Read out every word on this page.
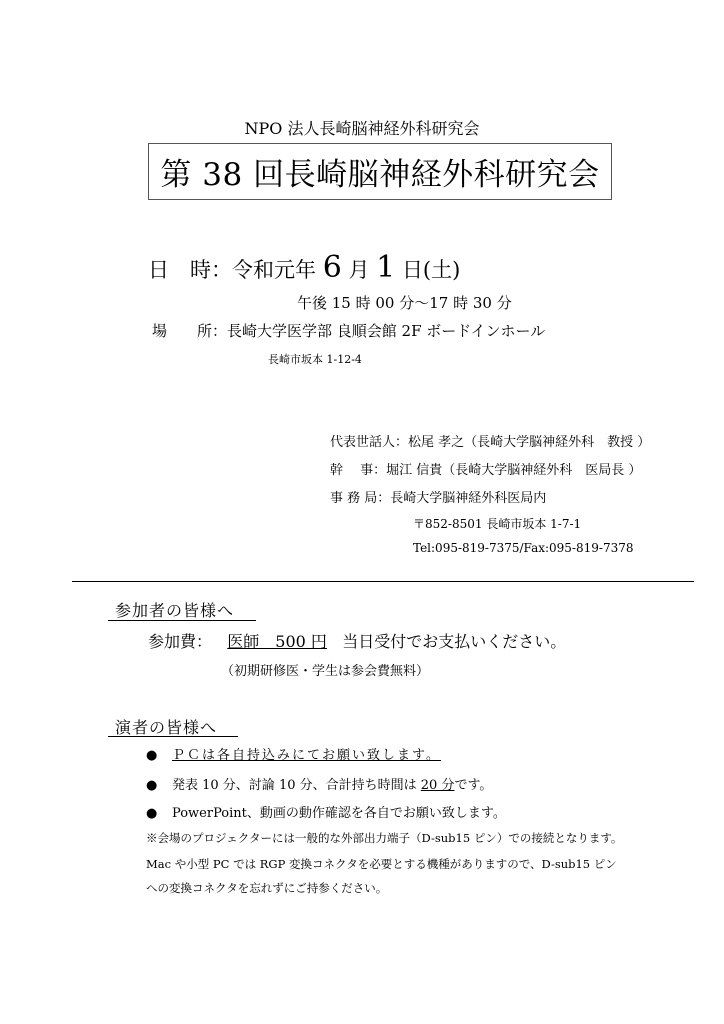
NPO 法人長崎脳神経外科研究会
第 38 回長崎脳神経外科研究会
日　時：令和元年 6 月 1 日(土)
午後 15 時 00 分～17 時 30 分
場　　所：長崎大学医学部 良順会館 2F ボードインホール
長崎市坂本 1-12-4
代表世話人：松尾 孝之（長崎大学脳神経外科　教授 ）
幹　 事：堀江 信貴（長崎大学脳神経外科　医局長 ）
事 務 局：長崎大学脳神経外科医局内
〒852-8501 長崎市坂本 1-7-1
Tel:095-819-7375/Fax:095-819-7378
参加者の皆様へ
参加費： 医師　500 円 当日受付でお支払いください。
（初期研修医・学生は参会費無料）
演者の皆様へ
● ＰＣは各自持込みにてお願い致します。
● 発表 10 分、討論 10 分、合計持ち時間は 20 分です。
● PowerPoint、動画の動作確認を各自でお願い致します。
※会場のプロジェクターには一般的な外部出力端子（D-sub15 ピン）での接続となります。
Mac や小型 PC では RGP 変換コネクタを必要とする機種がありますので、D-sub15 ピン
への変換コネクタを忘れずにご持参ください。
